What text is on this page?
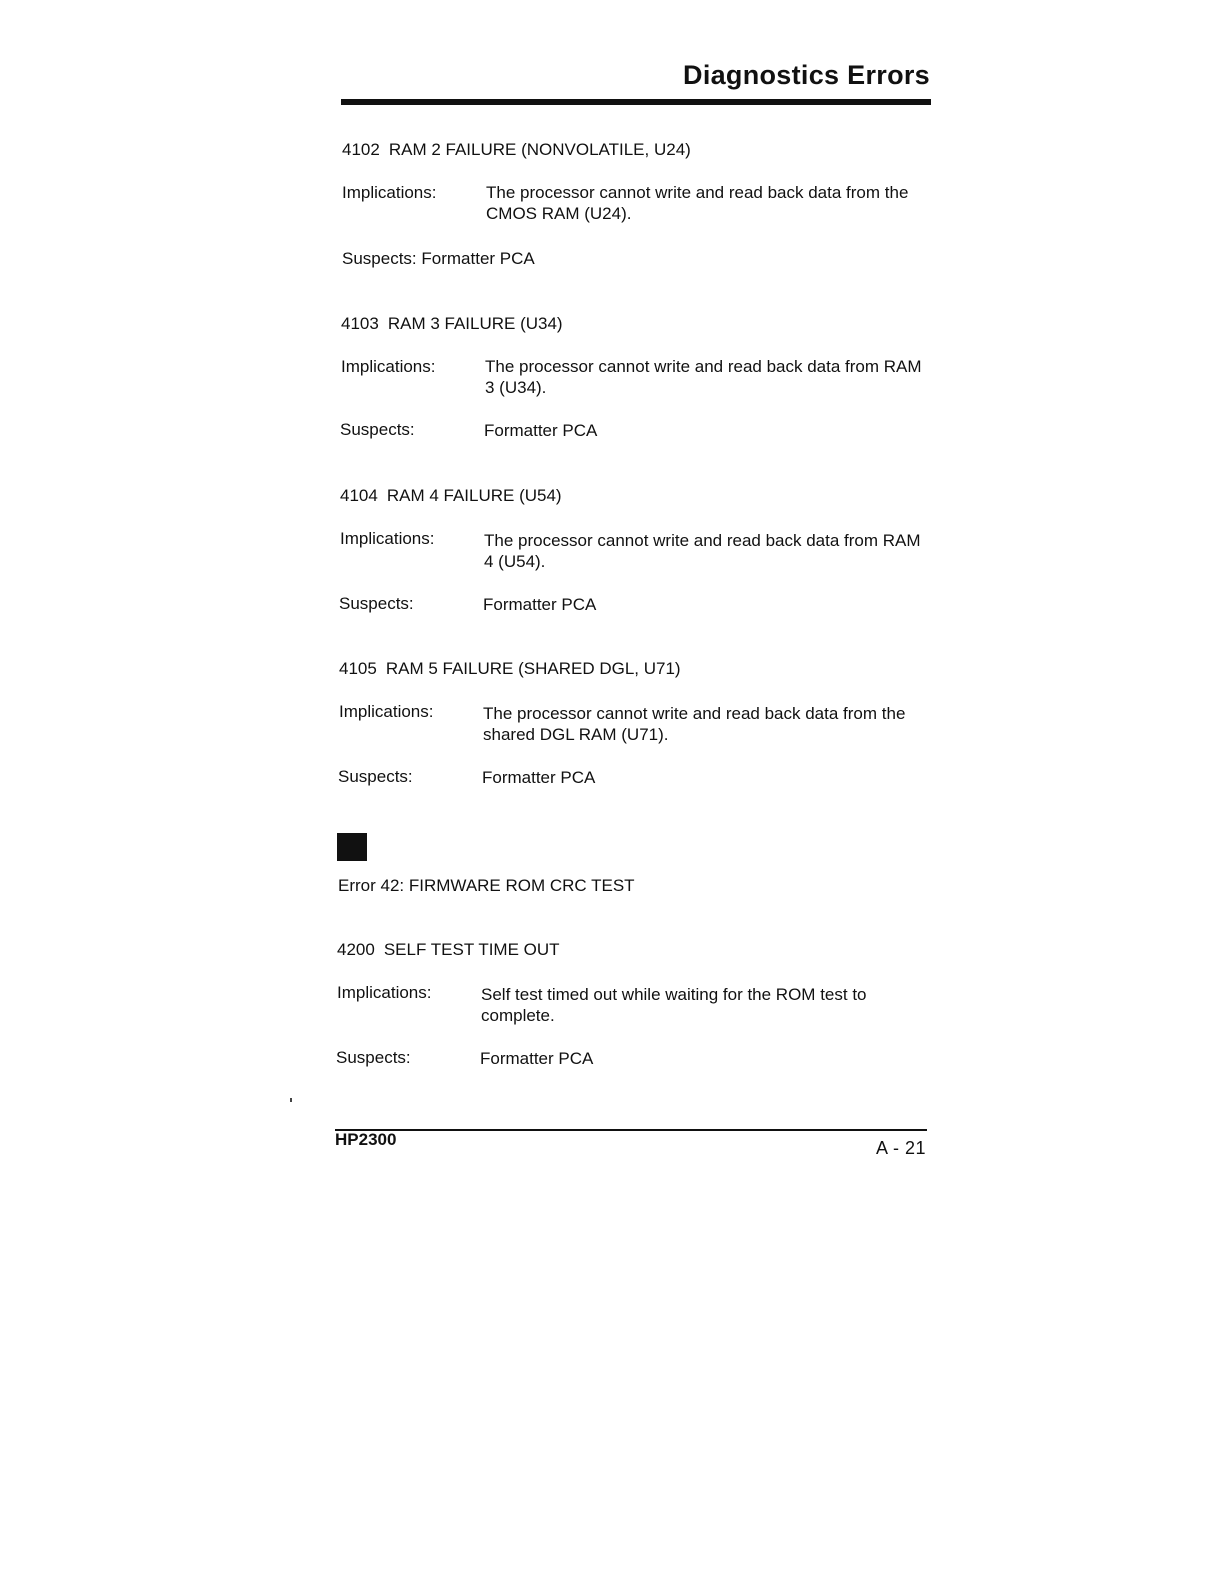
Diagnostics Errors
4102 RAM 2 FAILURE (NONVOLATILE, U24)
Implications:	The processor cannot write and read back data from the CMOS RAM (U24).
Suspects: Formatter PCA
4103 RAM 3 FAILURE (U34)
Implications:	The processor cannot write and read back data from RAM 3 (U34).
Suspects:	Formatter PCA
4104 RAM 4 FAILURE (U54)
Implications:	The processor cannot write and read back data from RAM 4 (U54).
Suspects:	Formatter PCA
4105 RAM 5 FAILURE (SHARED DGL, U71)
Implications:	The processor cannot write and read back data from the shared DGL RAM (U71).
Suspects:	Formatter PCA
Error 42: FIRMWARE ROM CRC TEST
4200 SELF TEST TIME OUT
Implications:	Self test timed out while waiting for the ROM test to complete.
Suspects:	Formatter PCA
HP2300	A - 21
